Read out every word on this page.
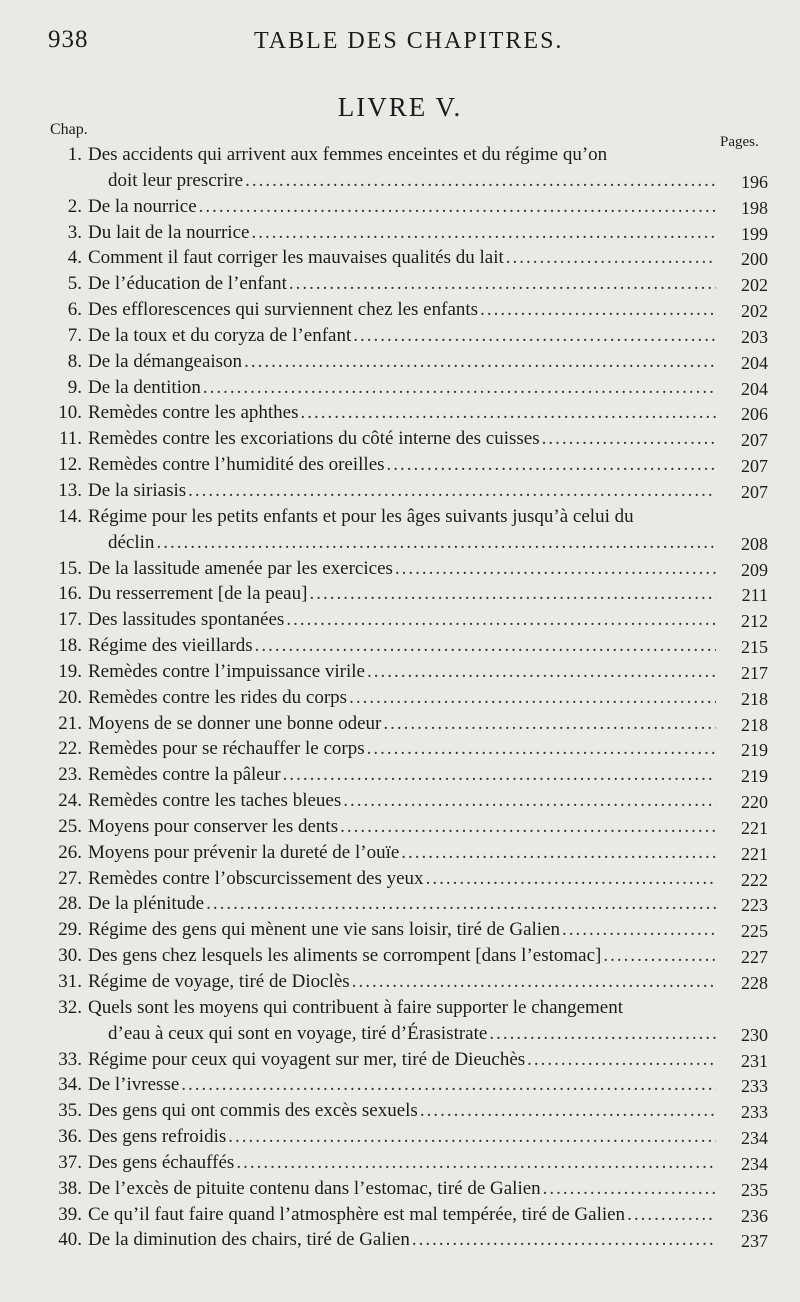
938	TABLE DES CHAPITRES.
LIVRE V.
Chap.
Pages.
1. Des accidents qui arrivent aux femmes enceintes et du régime qu’on
doit leur prescrire .....	196
2. De la nourrice .....	198
3. Du lait de la nourrice .....	199
4. Comment il faut corriger les mauvaises qualités du lait .....	200
5. De l’éducation de l’enfant .....	202
6. Des efflorescences qui surviennent chez les enfants .....	202
7. De la toux et du coryza de l’enfant .....	203
8. De la démangeaison .....	204
9. De la dentition .....	204
10. Remèdes contre les aphthes .....	206
11. Remèdes contre les excoriations du côté interne des cuisses .....	207
12. Remèdes contre l’humidité des oreilles .....	207
13. De la siriasis .....	207
14. Régime pour les petits enfants et pour les âges suivants jusqu’à celui du
déclin .....	208
15. De la lassitude amenée par les exercices .....	209
16. Du resserrement [de la peau] .....	211
17. Des lassitudes spontanées .....	212
18. Régime des vieillards .....	215
19. Remèdes contre l’impuissance virile .....	217
20. Remèdes contre les rides du corps .....	218
21. Moyens de se donner une bonne odeur .....	218
22. Remèdes pour se réchauffer le corps .....	219
23. Remèdes contre la pâleur .....	219
24. Remèdes contre les taches bleues .....	220
25. Moyens pour conserver les dents .....	221
26. Moyens pour prévenir la dureté de l’ouïe .....	221
27. Remèdes contre l’obscurcissement des yeux .....	222
28. De la plénitude .....	223
29. Régime des gens qui mènent une vie sans loisir, tiré de Galien .....	225
30. Des gens chez lesquels les aliments se corrompent [dans l’estomac] .....	227
31. Régime de voyage, tiré de Dioclès .....	228
32. Quels sont les moyens qui contribuent à faire supporter le changement
d’eau à ceux qui sont en voyage, tiré d’Érasistrate .....	230
33. Régime pour ceux qui voyagent sur mer, tiré de Dieuchès .....	231
34. De l’ivresse .....	233
35. Des gens qui ont commis des excès sexuels .....	233
36. Des gens refroidis .....	234
37. Des gens échauffés .....	234
38. De l’excès de pituite contenu dans l’estomac, tiré de Galien .....	235
39. Ce qu’il faut faire quand l’atmosphère est mal tempérée, tiré de Galien .....	236
40. De la diminution des chairs, tiré de Galien .....	237
